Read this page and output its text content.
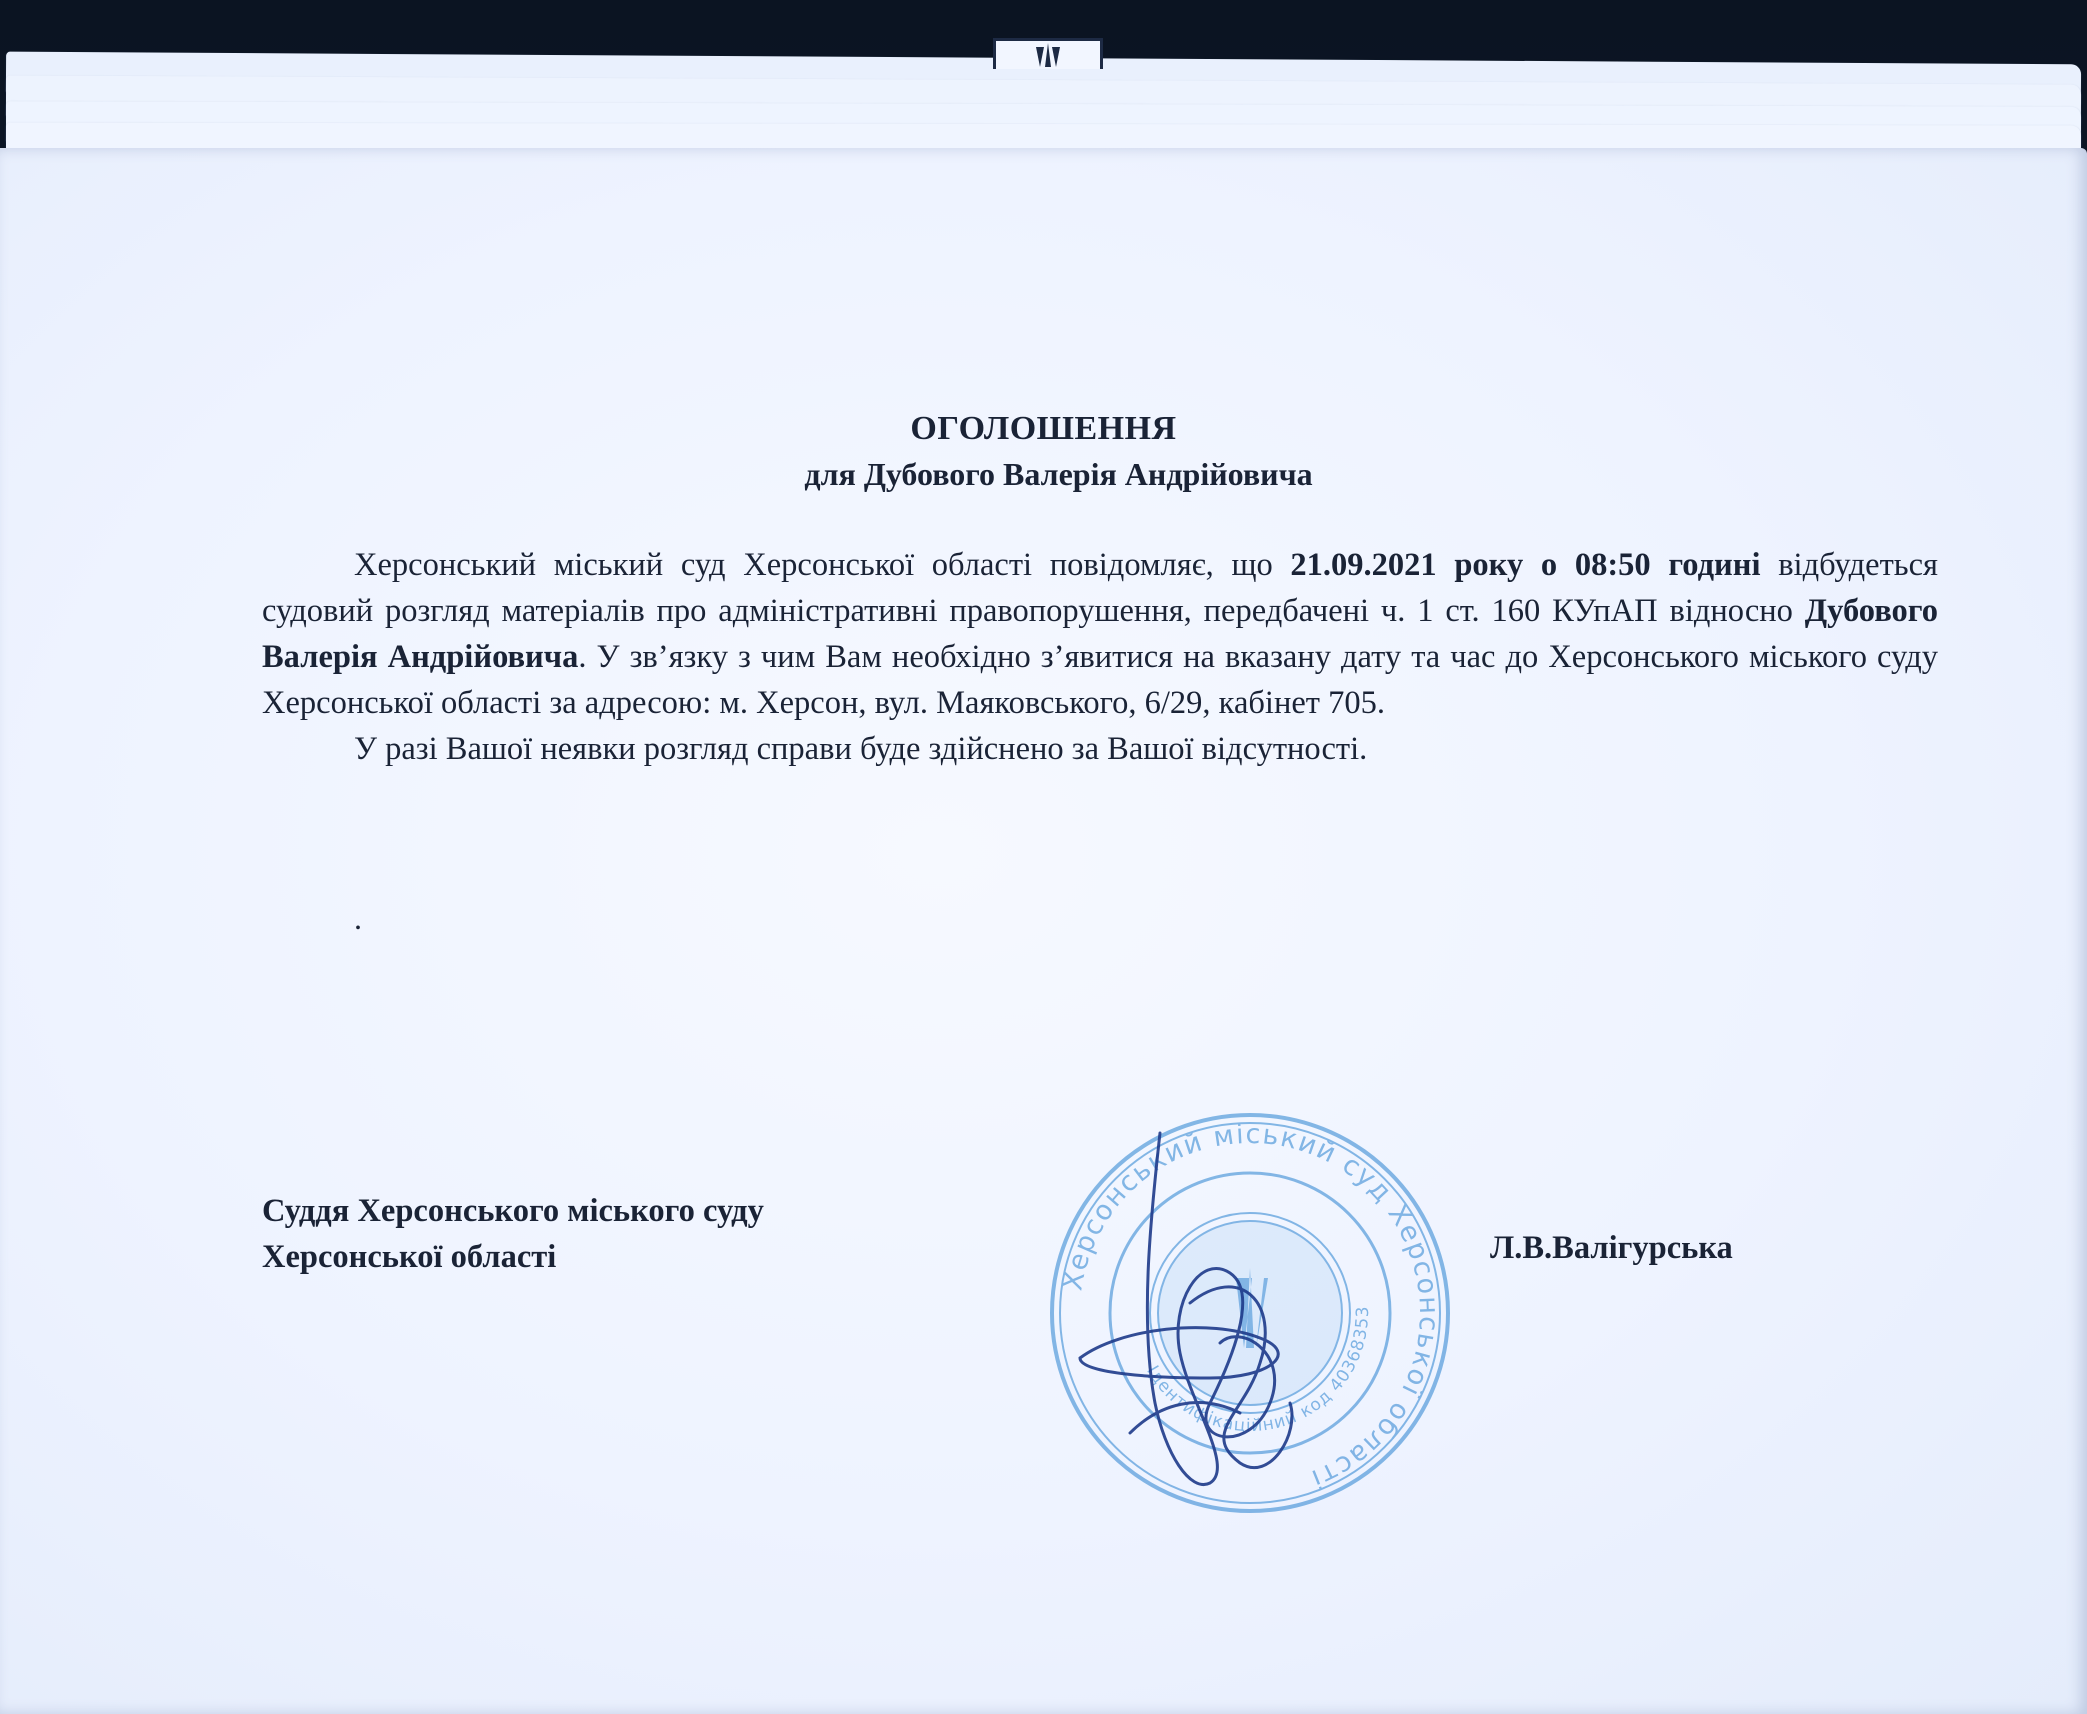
ОГОЛОШЕННЯ
для Дубового Валерія Андрійовича

Херсонський міський суд Херсонської області повідомляє, що 21.09.2021 року о 08:50 годині відбудеться судовий розгляд матеріалів про адміністративні правопорушення, передбачені ч. 1 ст. 160 КУпАП відносно Дубового Валерія Андрійовича. У зв’язку з чим Вам необхідно з’явитися на вказану дату та час до Херсонського міського суду Херсонської області за адресою: м. Херсон, вул. Маяковського, 6/29, кабінет 705.

У разі Вашої неявки розгляд справи буде здійснено за Вашої відсутності.

.

Суддя Херсонського міського суду
Херсонської області	Л.В.Валігурська

Херсонський міський суд Херсонської області
Ідентифікаційний код 40368353
